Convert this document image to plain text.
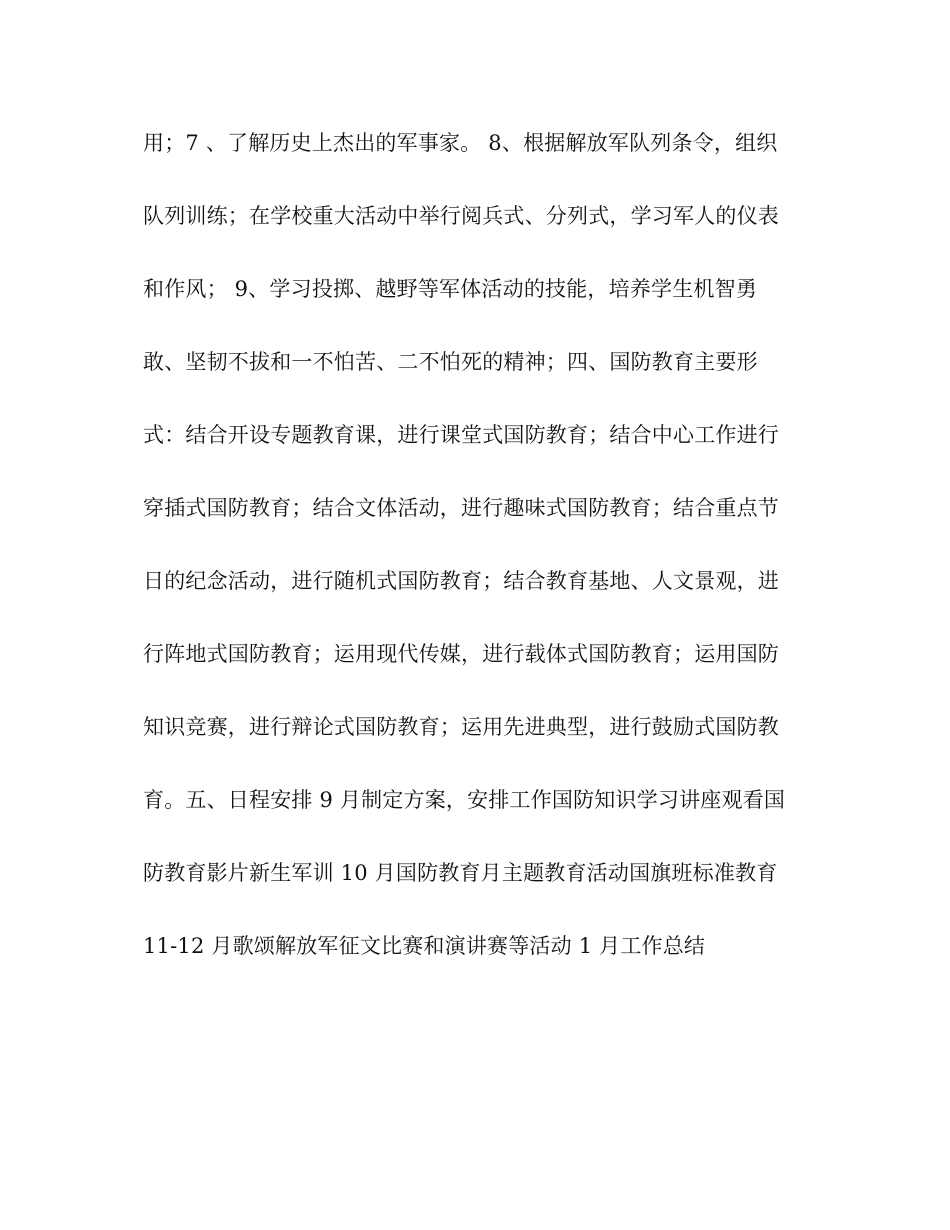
用；7 、了解历史上杰出的军事家。 8、根据解放军队列条令，组织
队列训练；在学校重大活动中举行阅兵式、分列式，学习军人的仪表
和作风； 9、学习投掷、越野等军体活动的技能，培养学生机智勇
敢、坚韧不拔和一不怕苦、二不怕死的精神；四、国防教育主要形
式：结合开设专题教育课，进行课堂式国防教育；结合中心工作进行
穿插式国防教育；结合文体活动，进行趣味式国防教育；结合重点节
日的纪念活动，进行随机式国防教育；结合教育基地、人文景观，进
行阵地式国防教育；运用现代传媒，进行载体式国防教育；运用国防
知识竞赛，进行辩论式国防教育；运用先进典型，进行鼓励式国防教
育。五、日程安排 9 月制定方案，安排工作国防知识学习讲座观看国
防教育影片新生军训 10 月国防教育月主题教育活动国旗班标准教育
11-12 月歌颂解放军征文比赛和演讲赛等活动 1 月工作总结
